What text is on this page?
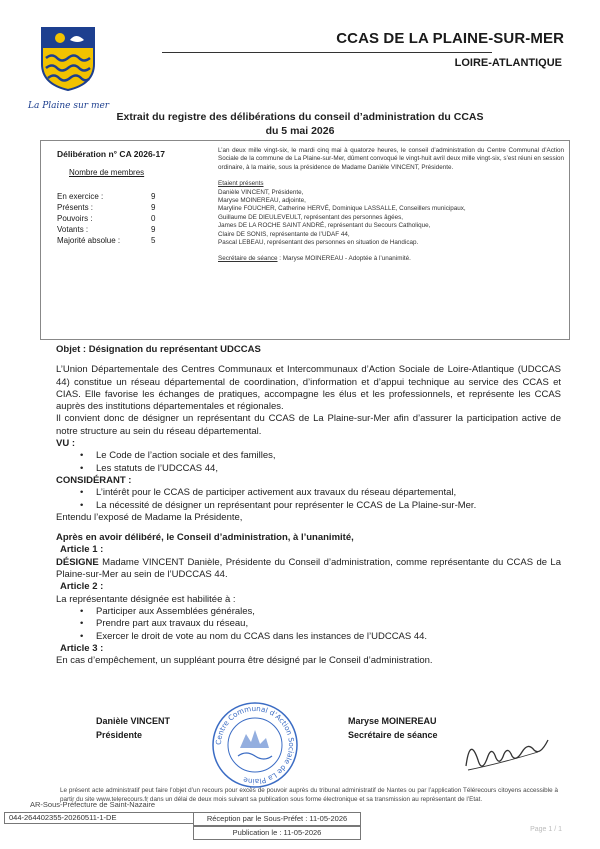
La Plaine sur mer
CCAS DE LA PLAINE-SUR-MER
LOIRE-ATLANTIQUE
Extrait du registre des délibérations du conseil d’administration du CCAS
du 5 mai 2026
Délibération n° CA 2026-17
Nombre de membres
En exercice :	9
Présents :	9
Pouvoirs :	0
Votants :	9
Majorité absolue :	5

L’an deux mille vingt-six, le mardi cinq mai à quatorze heures, le conseil d’administration du Centre Communal d’Action Sociale de la commune de La Plaine-sur-Mer, dûment convoqué le vingt-huit avril deux mille vingt-six, s’est réuni en session ordinaire, à la mairie, sous la présidence de Madame Danièle VINCENT, Présidente.

Etaient présents
Danièle VINCENT, Présidente,
Maryse MOINEREAU, adjointe,
Maryline FOUCHER, Catherine HERVÉ, Dominique LASSALLE, Conseillers municipaux,
Guillaume DE DIEULEVEULT, représentant des personnes âgées,
James DE LA ROCHE SAINT ANDRÉ, représentant du Secours Catholique,
Claire DE SONIS, représentante de l’UDAF 44,
Pascal LEBEAU, représentant des personnes en situation de Handicap.
Secrétaire de séance : Maryse MOINEREAU - Adoptée à l’unanimité.
Objet : Désignation du représentant UDCCAS
L’Union Départementale des Centres Communaux et Intercommunaux d’Action Sociale de Loire-Atlantique (UDCCAS 44) constitue un réseau départemental de coordination, d’information et d’appui technique au service des CCAS et CIAS. Elle favorise les échanges de pratiques, accompagne les élus et les professionnels, et représente les CCAS auprès des institutions départementales et régionales.
Il convient donc de désigner un représentant du CCAS de La Plaine-sur-Mer afin d’assurer la participation active de notre structure au sein du réseau départemental.
VU :
• Le Code de l’action sociale et des familles,
• Les statuts de l’UDCCAS 44,
CONSIDÉRANT :
• L’intérêt pour le CCAS de participer activement aux travaux du réseau départemental,
• La nécessité de désigner un représentant pour représenter le CCAS de La Plaine-sur-Mer.
Entendu l’exposé de Madame la Présidente,
Après en avoir délibéré, le Conseil d’administration, à l’unanimité,
Article 1 :
DÉSIGNE Madame VINCENT Danièle, Présidente du Conseil d’administration, comme représentante du CCAS de La Plaine-sur-Mer au sein de l’UDCCAS 44.
Article 2 :
La représentante désignée est habilitée à :
• Participer aux Assemblées générales,
• Prendre part aux travaux du réseau,
• Exercer le droit de vote au nom du CCAS dans les instances de l’UDCCAS 44.
Article 3 :
En cas d’empêchement, un suppléant pourra être désigné par le Conseil d’administration.
Danièle VINCENT
Présidente
Centre Communal d’Action Sociale de La Plaine
Maryse MOINEREAU
Secrétaire de séance
Le présent acte administratif peut faire l’objet d’un recours pour excès de pouvoir auprès du tribunal administratif de Nantes ou par l’application Télérecours citoyens accessible à partir du site www.telerecours.fr dans un délai de deux mois suivant sa publication sous forme électronique et sa transmission au représentant de l’Etat.
AR-Sous-Préfecture de Saint-Nazaire
044-264402355-20260511-1-DE	Réception par le Sous-Préfet : 11-05-2026
Publication le : 11-05-2026	Page 1 / 1
